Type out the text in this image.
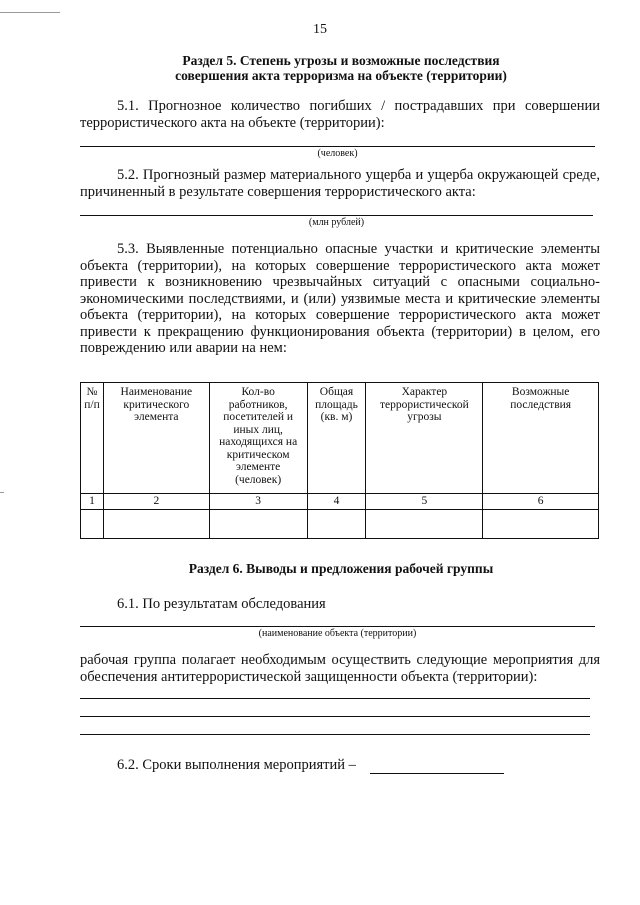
15
Раздел 5. Степень угрозы и возможные последствия
совершения акта терроризма на объекте (территории)
5.1. Прогнозное количество погибших / пострадавших при совершении террористического акта на объекте (территории):
(человек)
5.2. Прогнозный размер материального ущерба и ущерба окружающей среде, причиненный в результате совершения террористического акта:
(млн рублей)
5.3. Выявленные потенциально опасные участки и критические элементы объекта (территории), на которых совершение террористического акта может привести к возникновению чрезвычайных ситуаций с опасными социально-экономическими последствиями, и (или) уязвимые места и критические элементы объекта (территории), на которых совершение террористического акта может привести к прекращению функционирования объекта (территории) в целом, его повреждению или аварии на нем:
№ п/п	Наименование критического элемента	Кол-во работников, посетителей и иных лиц, находящихся на критическом элементе (человек)	Общая площадь (кв. м)	Характер террористической угрозы	Возможные последствия
1	2	3	4	5	6

Раздел 6. Выводы и предложения рабочей группы
6.1. По результатам обследования
(наименование объекта (территории)
рабочая группа полагает необходимым осуществить следующие мероприятия для обеспечения антитеррористической защищенности объекта (территории):
6.2. Сроки выполнения мероприятий –
